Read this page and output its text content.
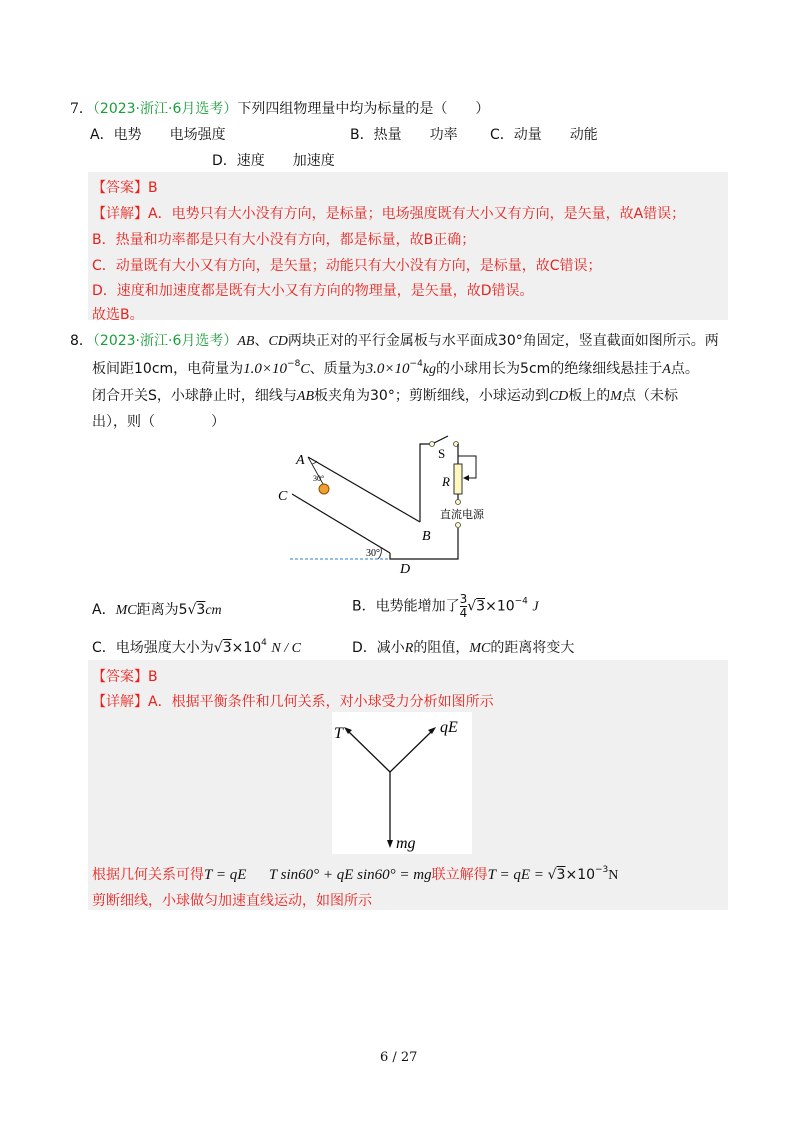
7．（2023·浙江·6月选考）下列四组物理量中均为标量的是（　　）
A．电势　　电场强度	B．热量　　功率 C．动量　　动能
D．速度　　加速度
【答案】B
【详解】A．电势只有大小没有方向，是标量；电场强度既有大小又有方向，是矢量，故A错误；
B．热量和功率都是只有大小没有方向，都是标量，故B正确；
C．动量既有大小又有方向，是矢量；动能只有大小没有方向，是标量，故C错误；
D．速度和加速度都是既有大小又有方向的物理量，是矢量，故D错误。
故选B。
8．（2023·浙江·6月选考）AB、CD两块正对的平行金属板与水平面成30°角固定，竖直截面如图所示。两
板间距10cm，电荷量为$1.0\times 10^{-8}C$、质量为$3.0\times 10^{-4}kg$的小球用长为5cm的绝缘细线悬挂于A点。
闭合开关S，小球静止时，细线与AB板夹角为30°；剪断细线，小球运动到CD板上的M点（未标
出），则（　　　　）
A
B
C
D
S
R
30°
30°
直流电源
A．MC距离为5√3cm	B．电势能增加了 $\frac{3}{4} √3\times 10^{-4}$ J
C．电场强度大小为$√3\times 10^4$ N / C	D．减小R的阻值，MC的距离将变大
【答案】B
【详解】A．根据平衡条件和几何关系，对小球受力分析如图所示
T	qE
mg
根据几何关系可得T = qE T sin60° + qE sin60° = mg联立解得T = qE = $√3\times 10^{-3}N$
剪断细线，小球做匀加速直线运动，如图所示
6 / 27
